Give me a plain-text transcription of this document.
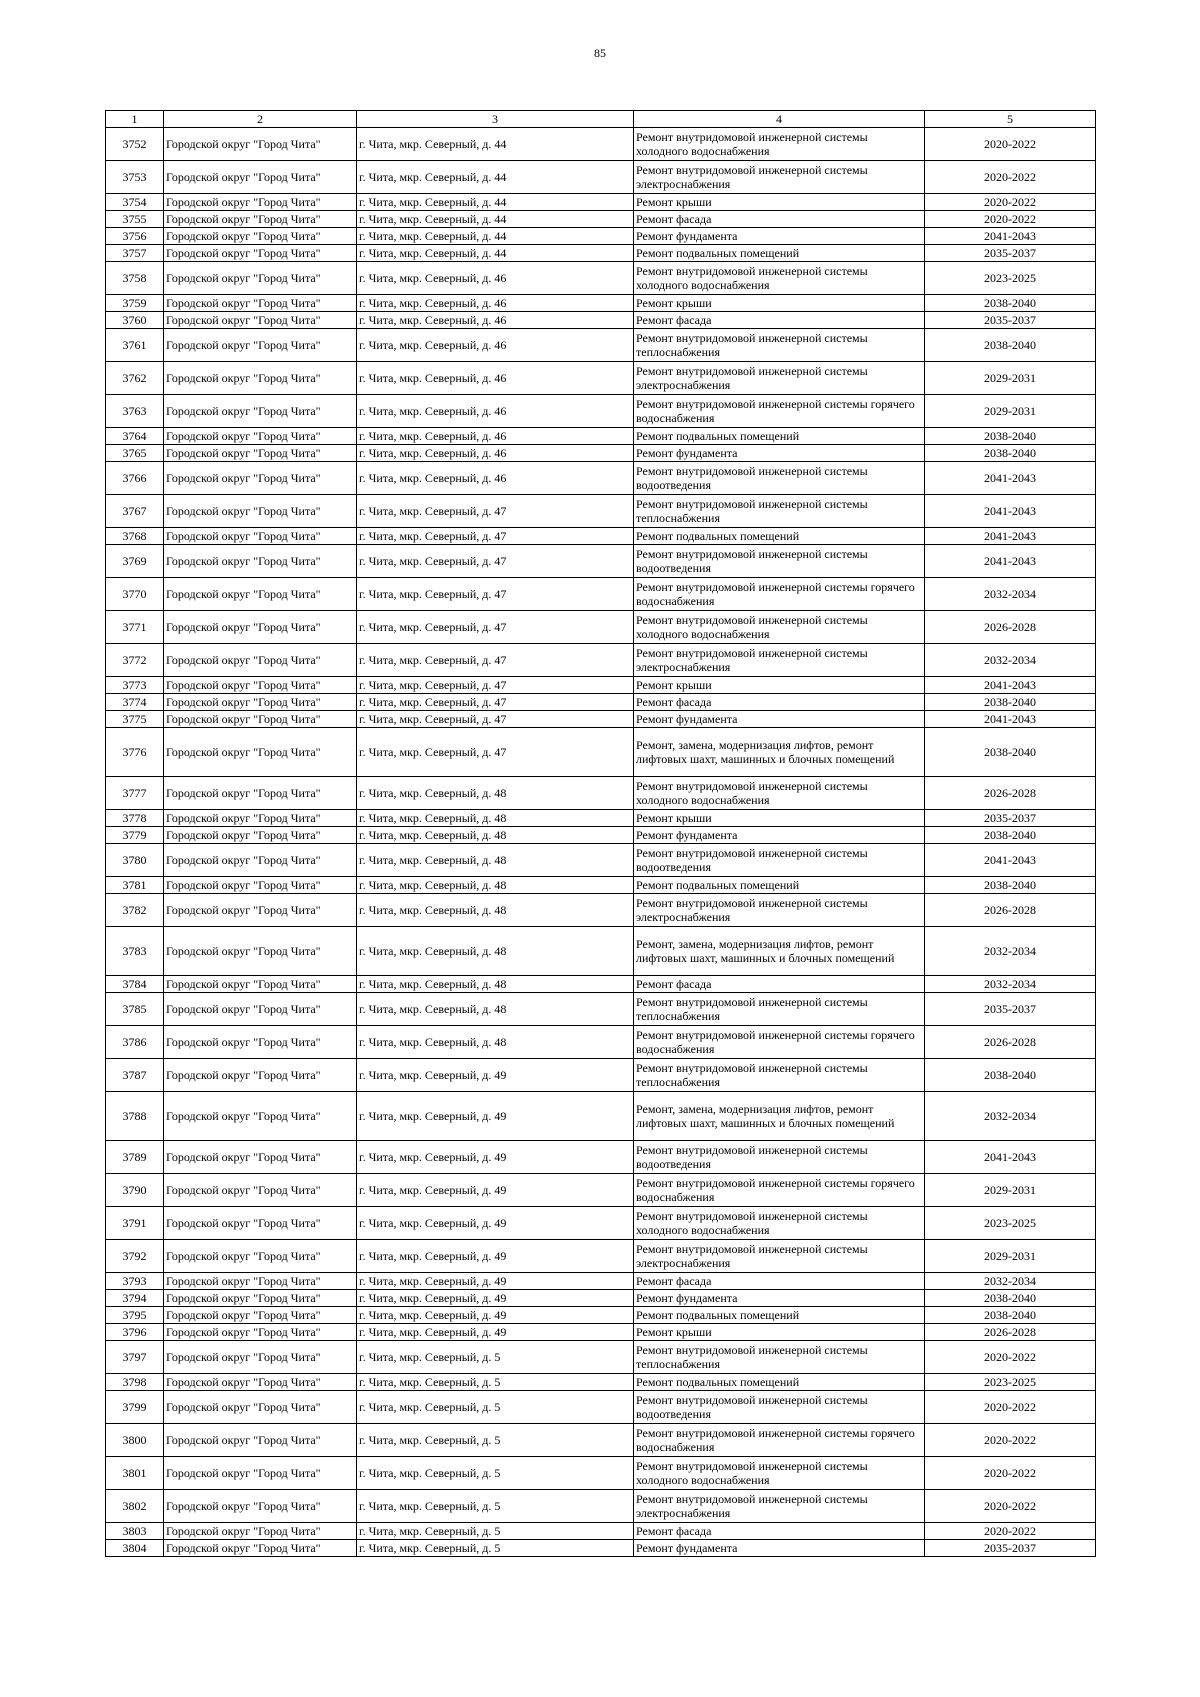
85
1	2	3	4	5
3752	Городской округ "Город Чита"	г. Чита, мкр. Северный, д. 44	Ремонт внутридомовой инженерной системы холодного водоснабжения	2020-2022
3753	Городской округ "Город Чита"	г. Чита, мкр. Северный, д. 44	Ремонт внутридомовой инженерной системы электроснабжения	2020-2022
3754	Городской округ "Город Чита"	г. Чита, мкр. Северный, д. 44	Ремонт крыши	2020-2022
3755	Городской округ "Город Чита"	г. Чита, мкр. Северный, д. 44	Ремонт фасада	2020-2022
3756	Городской округ "Город Чита"	г. Чита, мкр. Северный, д. 44	Ремонт фундамента	2041-2043
3757	Городской округ "Город Чита"	г. Чита, мкр. Северный, д. 44	Ремонт подвальных помещений	2035-2037
3758	Городской округ "Город Чита"	г. Чита, мкр. Северный, д. 46	Ремонт внутридомовой инженерной системы холодного водоснабжения	2023-2025
3759	Городской округ "Город Чита"	г. Чита, мкр. Северный, д. 46	Ремонт крыши	2038-2040
3760	Городской округ "Город Чита"	г. Чита, мкр. Северный, д. 46	Ремонт фасада	2035-2037
3761	Городской округ "Город Чита"	г. Чита, мкр. Северный, д. 46	Ремонт внутридомовой инженерной системы теплоснабжения	2038-2040
3762	Городской округ "Город Чита"	г. Чита, мкр. Северный, д. 46	Ремонт внутридомовой инженерной системы электроснабжения	2029-2031
3763	Городской округ "Город Чита"	г. Чита, мкр. Северный, д. 46	Ремонт внутридомовой инженерной системы горячего водоснабжения	2029-2031
3764	Городской округ "Город Чита"	г. Чита, мкр. Северный, д. 46	Ремонт подвальных помещений	2038-2040
3765	Городской округ "Город Чита"	г. Чита, мкр. Северный, д. 46	Ремонт фундамента	2038-2040
3766	Городской округ "Город Чита"	г. Чита, мкр. Северный, д. 46	Ремонт внутридомовой инженерной системы водоотведения	2041-2043
3767	Городской округ "Город Чита"	г. Чита, мкр. Северный, д. 47	Ремонт внутридомовой инженерной системы теплоснабжения	2041-2043
3768	Городской округ "Город Чита"	г. Чита, мкр. Северный, д. 47	Ремонт подвальных помещений	2041-2043
3769	Городской округ "Город Чита"	г. Чита, мкр. Северный, д. 47	Ремонт внутридомовой инженерной системы водоотведения	2041-2043
3770	Городской округ "Город Чита"	г. Чита, мкр. Северный, д. 47	Ремонт внутридомовой инженерной системы горячего водоснабжения	2032-2034
3771	Городской округ "Город Чита"	г. Чита, мкр. Северный, д. 47	Ремонт внутридомовой инженерной системы холодного водоснабжения	2026-2028
3772	Городской округ "Город Чита"	г. Чита, мкр. Северный, д. 47	Ремонт внутридомовой инженерной системы электроснабжения	2032-2034
3773	Городской округ "Город Чита"	г. Чита, мкр. Северный, д. 47	Ремонт крыши	2041-2043
3774	Городской округ "Город Чита"	г. Чита, мкр. Северный, д. 47	Ремонт фасада	2038-2040
3775	Городской округ "Город Чита"	г. Чита, мкр. Северный, д. 47	Ремонт фундамента	2041-2043
3776	Городской округ "Город Чита"	г. Чита, мкр. Северный, д. 47	Ремонт, замена, модернизация лифтов, ремонт лифтовых шахт, машинных и блочных помещений	2038-2040
3777	Городской округ "Город Чита"	г. Чита, мкр. Северный, д. 48	Ремонт внутридомовой инженерной системы холодного водоснабжения	2026-2028
3778	Городской округ "Город Чита"	г. Чита, мкр. Северный, д. 48	Ремонт крыши	2035-2037
3779	Городской округ "Город Чита"	г. Чита, мкр. Северный, д. 48	Ремонт фундамента	2038-2040
3780	Городской округ "Город Чита"	г. Чита, мкр. Северный, д. 48	Ремонт внутридомовой инженерной системы водоотведения	2041-2043
3781	Городской округ "Город Чита"	г. Чита, мкр. Северный, д. 48	Ремонт подвальных помещений	2038-2040
3782	Городской округ "Город Чита"	г. Чита, мкр. Северный, д. 48	Ремонт внутридомовой инженерной системы электроснабжения	2026-2028
3783	Городской округ "Город Чита"	г. Чита, мкр. Северный, д. 48	Ремонт, замена, модернизация лифтов, ремонт лифтовых шахт, машинных и блочных помещений	2032-2034
3784	Городской округ "Город Чита"	г. Чита, мкр. Северный, д. 48	Ремонт фасада	2032-2034
3785	Городской округ "Город Чита"	г. Чита, мкр. Северный, д. 48	Ремонт внутридомовой инженерной системы теплоснабжения	2035-2037
3786	Городской округ "Город Чита"	г. Чита, мкр. Северный, д. 48	Ремонт внутридомовой инженерной системы горячего водоснабжения	2026-2028
3787	Городской округ "Город Чита"	г. Чита, мкр. Северный, д. 49	Ремонт внутридомовой инженерной системы теплоснабжения	2038-2040
3788	Городской округ "Город Чита"	г. Чита, мкр. Северный, д. 49	Ремонт, замена, модернизация лифтов, ремонт лифтовых шахт, машинных и блочных помещений	2032-2034
3789	Городской округ "Город Чита"	г. Чита, мкр. Северный, д. 49	Ремонт внутридомовой инженерной системы водоотведения	2041-2043
3790	Городской округ "Город Чита"	г. Чита, мкр. Северный, д. 49	Ремонт внутридомовой инженерной системы горячего водоснабжения	2029-2031
3791	Городской округ "Город Чита"	г. Чита, мкр. Северный, д. 49	Ремонт внутридомовой инженерной системы холодного водоснабжения	2023-2025
3792	Городской округ "Город Чита"	г. Чита, мкр. Северный, д. 49	Ремонт внутридомовой инженерной системы электроснабжения	2029-2031
3793	Городской округ "Город Чита"	г. Чита, мкр. Северный, д. 49	Ремонт фасада	2032-2034
3794	Городской округ "Город Чита"	г. Чита, мкр. Северный, д. 49	Ремонт фундамента	2038-2040
3795	Городской округ "Город Чита"	г. Чита, мкр. Северный, д. 49	Ремонт подвальных помещений	2038-2040
3796	Городской округ "Город Чита"	г. Чита, мкр. Северный, д. 49	Ремонт крыши	2026-2028
3797	Городской округ "Город Чита"	г. Чита, мкр. Северный, д. 5	Ремонт внутридомовой инженерной системы теплоснабжения	2020-2022
3798	Городской округ "Город Чита"	г. Чита, мкр. Северный, д. 5	Ремонт подвальных помещений	2023-2025
3799	Городской округ "Город Чита"	г. Чита, мкр. Северный, д. 5	Ремонт внутридомовой инженерной системы водоотведения	2020-2022
3800	Городской округ "Город Чита"	г. Чита, мкр. Северный, д. 5	Ремонт внутридомовой инженерной системы горячего водоснабжения	2020-2022
3801	Городской округ "Город Чита"	г. Чита, мкр. Северный, д. 5	Ремонт внутридомовой инженерной системы холодного водоснабжения	2020-2022
3802	Городской округ "Город Чита"	г. Чита, мкр. Северный, д. 5	Ремонт внутридомовой инженерной системы электроснабжения	2020-2022
3803	Городской округ "Город Чита"	г. Чита, мкр. Северный, д. 5	Ремонт фасада	2020-2022
3804	Городской округ "Город Чита"	г. Чита, мкр. Северный, д. 5	Ремонт фундамента	2035-2037
